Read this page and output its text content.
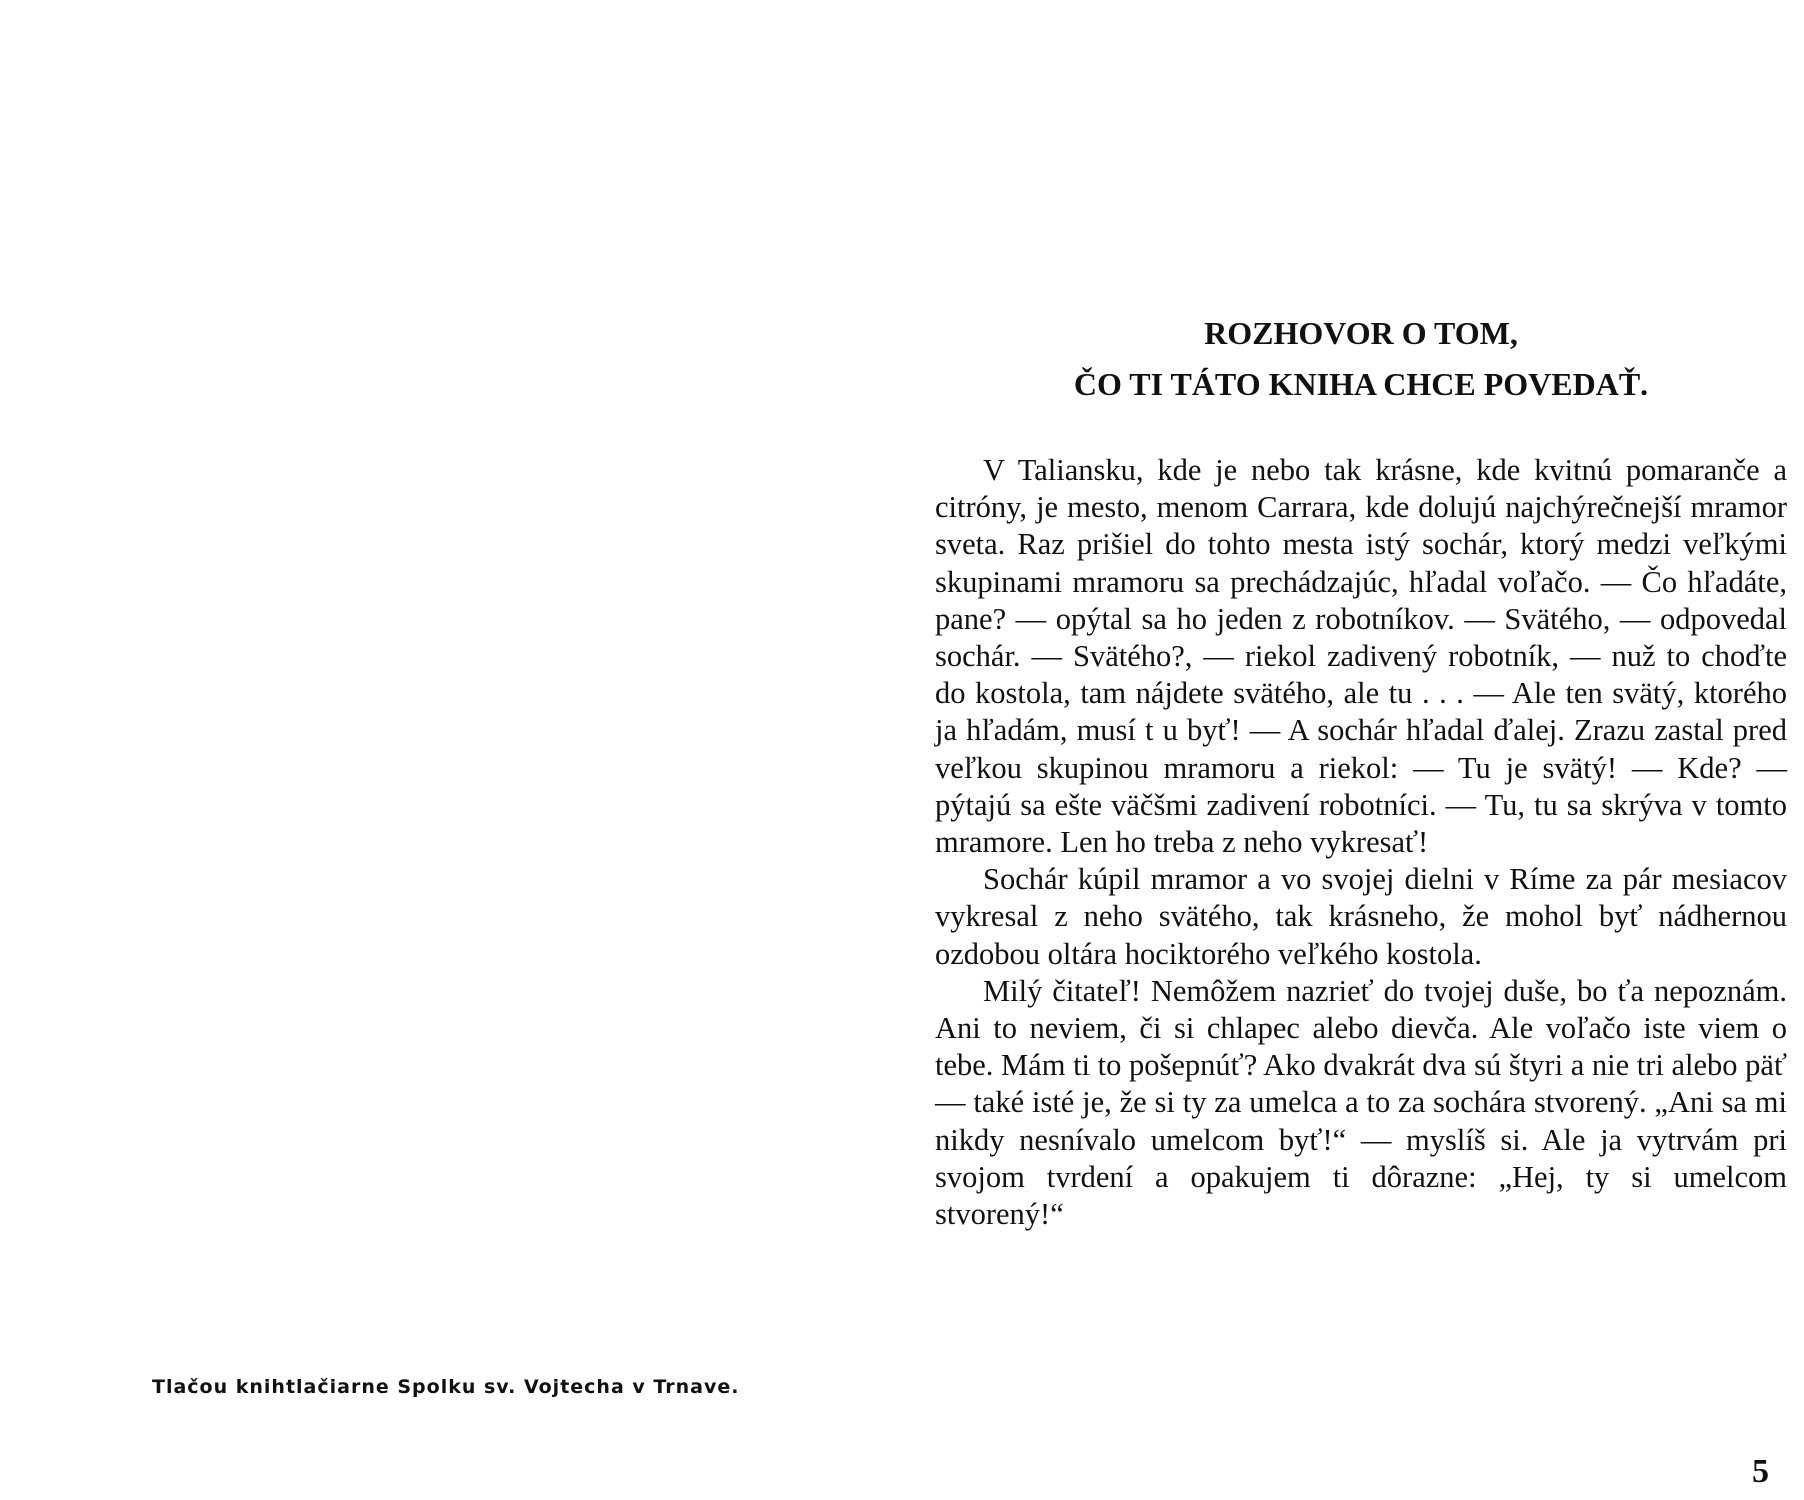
Tlačou knihtlačiarne Spolku sv. Vojtecha v Trnave.

ROZHOVOR O TOM,
ČO TI TÁTO KNIHA CHCE POVEDAŤ.

V Taliansku, kde je nebo tak krásne, kde kvitnú pomaranče a citróny, je mesto, menom Carrara, kde dolujú najchýrečnejší mramor sveta. Raz prišiel do tohto mesta istý sochár, ktorý medzi veľkými skupinami mramoru sa prechádzajúc, hľadal voľačo. — Čo hľadáte, pane? — opýtal sa ho jeden z robotníkov. — Svätého, — odpovedal sochár. — Svätého?, — riekol zadivený robotník, — nuž to choďte do kostola, tam nájdete svätého, ale tu . . . — Ale ten svätý, ktorého ja hľadám, musí t u byť! — A sochár hľadal ďalej. Zrazu zastal pred veľkou skupinou mramoru a riekol: — Tu je svätý! — Kde? — pýtajú sa ešte väčšmi zadivení robotníci. — Tu, tu sa skrýva v tomto mramore. Len ho treba z neho vykresať!

Sochár kúpil mramor a vo svojej dielni v Ríme za pár mesiacov vykresal z neho svätého, tak krásneho, že mohol byť nádhernou ozdobou oltára hociktorého veľkého kostola.

Milý čitateľ! Nemôžem nazrieť do tvojej duše, bo ťa nepoznám. Ani to neviem, či si chlapec alebo dievča. Ale voľačo iste viem o tebe. Mám ti to pošepnúť? Ako dvakrát dva sú štyri a nie tri alebo päť — také isté je, že si ty za umelca a to za sochára stvorený. „Ani sa mi nikdy nesnívalo umelcom byť!“ — myslíš si. Ale ja vytrvám pri svojom tvrdení a opakujem ti dôrazne: „Hej, ty si umelcom stvorený!“

5
